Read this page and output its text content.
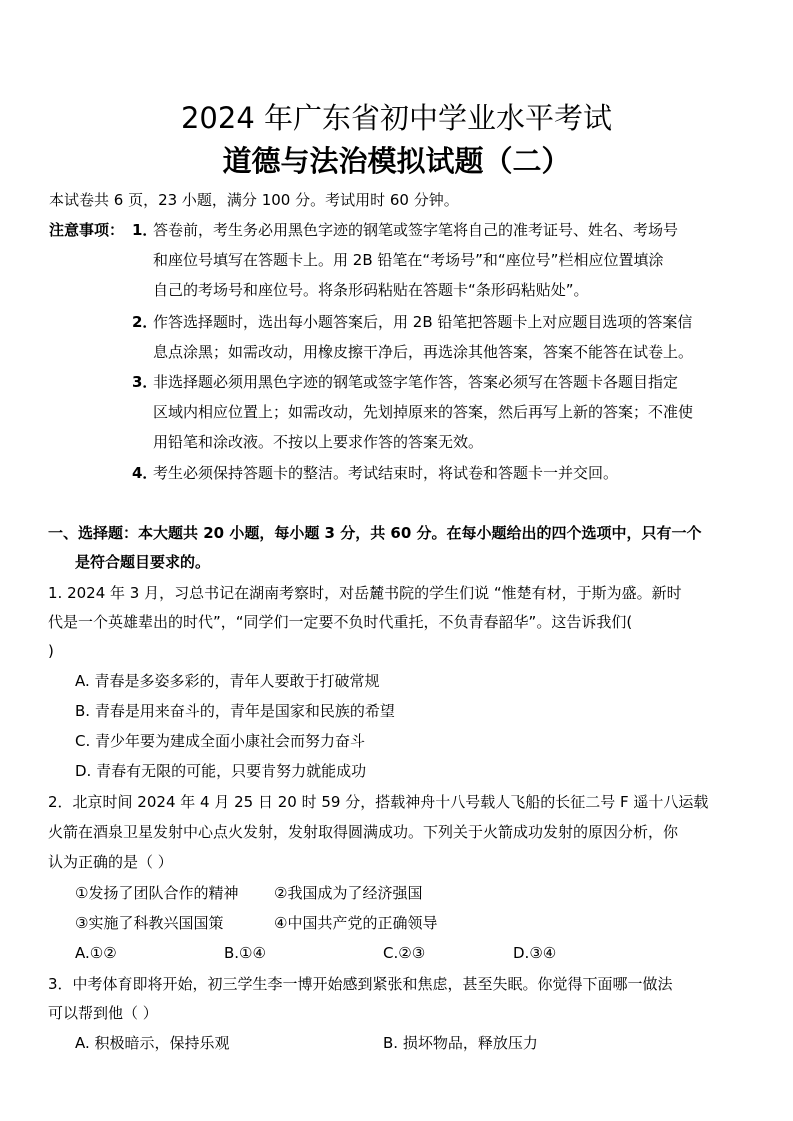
2024 年广东省初中学业水平考试
道德与法治模拟试题（二）
本试卷共 6 页，23 小题，满分 100 分。考试用时 60 分钟。
注意事项： 1．
答卷前，考生务必用黑色字迹的钢笔或签字笔将自己的准考证号、姓名、考场号
和座位号填写在答题卡上。用 2B 铅笔在“考场号”和“座位号”栏相应位置填涂
自己的考场号和座位号。将条形码粘贴在答题卡“条形码粘贴处”。
2．
作答选择题时，选出每小题答案后，用 2B 铅笔把答题卡上对应题目选项的答案信
息点涂黑；如需改动，用橡皮擦干净后，再选涂其他答案，答案不能答在试卷上。
3．
非选择题必须用黑色字迹的钢笔或签字笔作答，答案必须写在答题卡各题目指定
区域内相应位置上；如需改动，先划掉原来的答案，然后再写上新的答案；不准使
用铅笔和涂改液。不按以上要求作答的答案无效。
4．
考生必须保持答题卡的整洁。考试结束时，将试卷和答题卡一并交回。
一、选择题：本大题共 20 小题，每小题 3 分，共 60 分。在每小题给出的四个选项中，只有一个
是符合题目要求的。
1. 2024 年 3 月，习总书记在湖南考察时，对岳麓书院的学生们说 “惟楚有材，于斯为盛。新时
代是一个英雄辈出的时代”，“同学们一定要不负时代重托，不负青春韶华”。这告诉我们(
)
A. 青春是多姿多彩的，青年人要敢于打破常规
B. 青春是用来奋斗的，青年是国家和民族的希望
C. 青少年要为建成全面小康社会而努力奋斗
D. 青春有无限的可能，只要肯努力就能成功
2．北京时间 2024 年 4 月 25 日 20 时 59 分，搭载神舟十八号载人飞船的长征二号 F 遥十八运载
火箭在酒泉卫星发射中心点火发射，发射取得圆满成功。下列关于火箭成功发射的原因分析，你
认为正确的是（ ）
①发扬了团队合作的精神 ②我国成为了经济强国
③实施了科教兴国国策	④中国共产党的正确领导
A.①②	B.①④	C.②③	D.③④
3．中考体育即将开始，初三学生李一博开始感到紧张和焦虑，甚至失眠。你觉得下面哪一做法
可以帮到他（ ）
A. 积极暗示，保持乐观	B. 损坏物品，释放压力
